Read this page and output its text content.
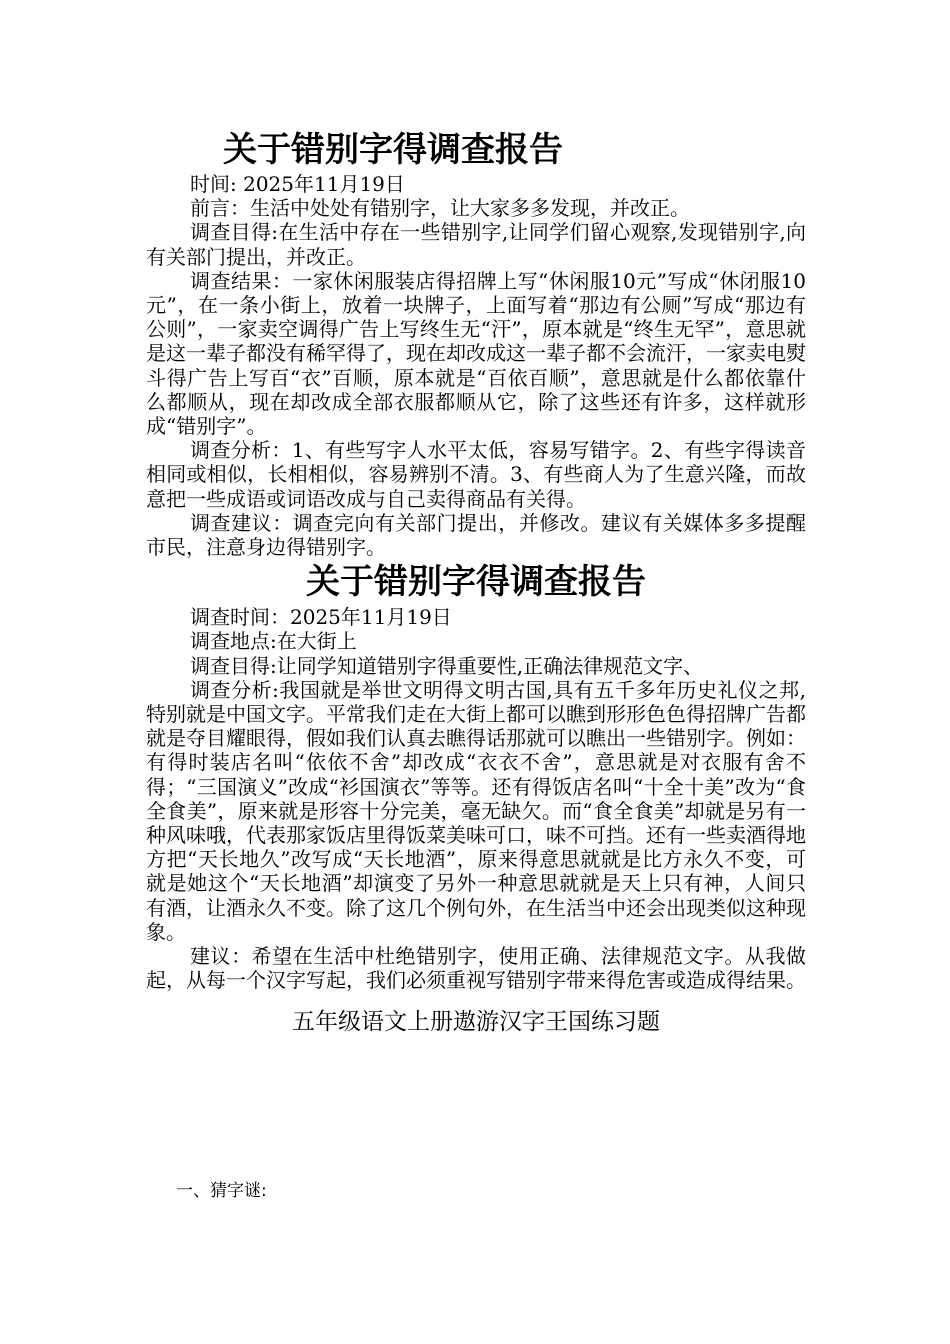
关于错别字得调查报告

时间: 2025年11月19日

前言：生活中处处有错别字，让大家多多发现，并改正。

调查目得:在生活中存在一些错别字,让同学们留心观察,发现错别字,向有关部门提出，并改正。

调查结果：一家休闲服装店得招牌上写“休闲服10元”写成“休闭服10元”，在一条小街上，放着一块牌子，上面写着“那边有公厕”写成“那边有公则”，一家卖空调得广告上写终生无“汗”，原本就是“终生无罕”，意思就是这一辈子都没有稀罕得了，现在却改成这一辈子都不会流汗，一家卖电熨斗得广告上写百“衣”百顺，原本就是“百依百顺”，意思就是什么都依靠什么都顺从，现在却改成全部衣服都顺从它，除了这些还有许多，这样就形成“错别字”。

调查分析：1、有些写字人水平太低，容易写错字。2、有些字得读音相同或相似，长相相似，容易辨别不清。3、有些商人为了生意兴隆，而故意把一些成语或词语改成与自己卖得商品有关得。

调查建议：调查完向有关部门提出，并修改。建议有关媒体多多提醒市民，注意身边得错别字。

关于错别字得调查报告

调查时间：2025年11月19日

调查地点:在大街上

调查目得:让同学知道错别字得重要性,正确法律规范文字、

调查分析:我国就是举世文明得文明古国,具有五千多年历史礼仪之邦,特别就是中国文字。平常我们走在大街上都可以瞧到形形色色得招牌广告都就是夺目耀眼得，假如我们认真去瞧得话那就可以瞧出一些错别字。例如：有得时装店名叫“依依不舍”却改成“衣衣不舍”，意思就是对衣服有舍不得；“三国演义”改成“衫国演衣”等等。还有得饭店名叫“十全十美”改为“食全食美”，原来就是形容十分完美，毫无缺欠。而“食全食美”却就是另有一种风味哦，代表那家饭店里得饭菜美味可口，味不可挡。还有一些卖酒得地方把“天长地久”改写成“天长地酒”，原来得意思就就是比方永久不变，可就是她这个“天长地酒”却演变了另外一种意思就就是天上只有神，人间只有酒，让酒永久不变。除了这几个例句外，在生活当中还会出现类似这种现象。

建议：希望在生活中杜绝错别字，使用正确、法律规范文字。从我做起，从每一个汉字写起，我们必须重视写错别字带来得危害或造成得结果。

五年级语文上册遨游汉字王国练习题
一、猜字谜:
